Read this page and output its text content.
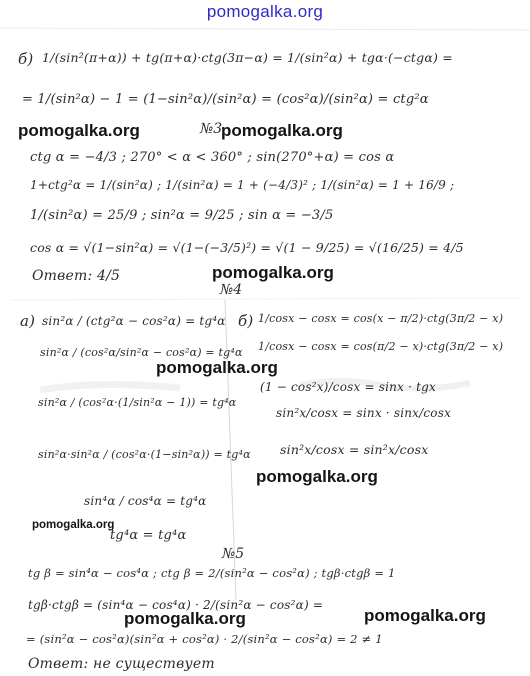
pomogalka.org
б) 1/(sin²(π+α)) + tg(π+α)·ctg(3π−α) = 1/(sin²α) + tgα·(−ctgα) =
= 1/(sin²α) − 1 = (1−sin²α)/(sin²α) = (cos²α)/(sin²α) = ctg²α
pomogalka.org	№3
pomogalka.org
ctg α = −4/3 ; 270° < α < 360° ; sin(270°+α) = cos α
1+ctg²α = 1/(sin²α) ; 1/(sin²α) = 1 + (−4/3)² ; 1/(sin²α) = 1 + 16/9 ;
1/(sin²α) = 25/9 ; sin²α = 9/25 ; sin α = −3/5
cos α = √(1−sin²α) = √(1−(−3/5)²) = √(1 − 9/25) = √(16/25) = 4/5
Ответ: 4/5	pomogalka.org
№4
а) sin²α / (ctg²α − cos²α) = tg⁴α
sin²α / (cos²α/sin²α − cos²α) = tg⁴α
pomogalka.org
sin²α / (cos²α·(1/sin²α − 1)) = tg⁴α
sin²α·sin²α / (cos²α·(1−sin²α)) = tg⁴α
sin⁴α / cos⁴α = tg⁴α
pomogalka.org
tg⁴α = tg⁴α
б) 1/cosx − cosx = cos(x − π/2)·ctg(3π/2 − x)
1/cosx − cosx = cos(π/2 − x)·ctg(3π/2 − x)
(1 − cos²x)/cosx = sinx · tgx
sin²x/cosx = sinx · sinx/cosx
sin²x/cosx = sin²x/cosx
pomogalka.org
№5
tg β = sin⁴α − cos⁴α ; ctg β = 2/(sin²α − cos²α) ; tgβ·ctgβ = 1
tgβ·ctgβ = (sin⁴α − cos⁴α) · 2/(sin²α − cos²α) =
pomogalka.org	pomogalka.org
= (sin²α − cos²α)(sin²α + cos²α) · 2/(sin²α − cos²α) = 2 ≠ 1
Ответ: не существует
